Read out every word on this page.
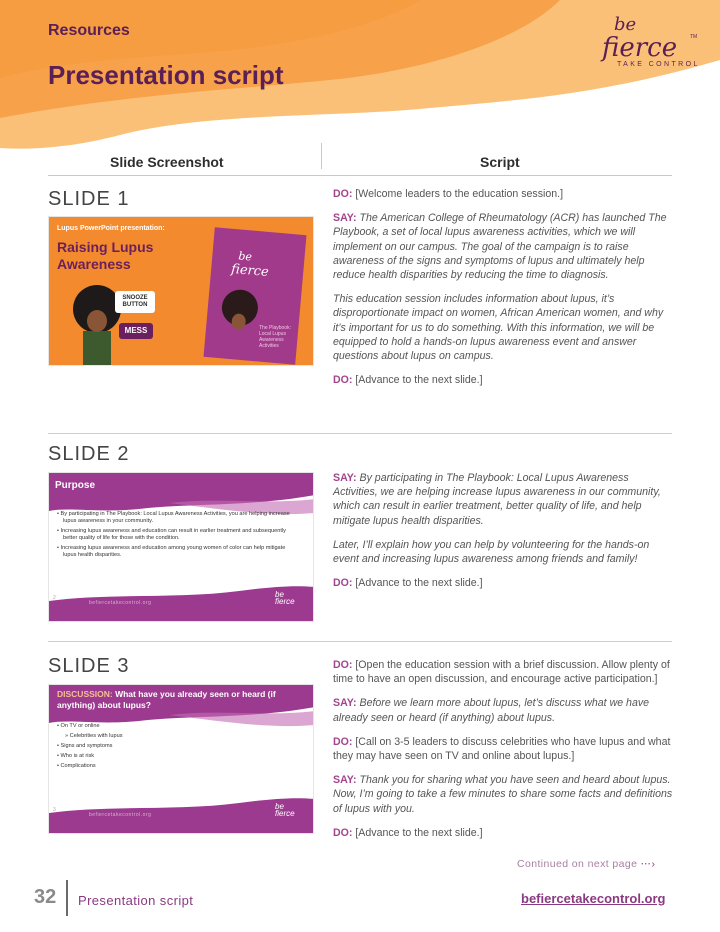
Resources
Presentation script
be
fierce	TM
TAKE CONTROL
Slide Screenshot	Script
SLIDE 1
Lupus PowerPoint presentation:
Raising Lupus Awareness
SNOOZE BUTTON
MESS
be
fierce
The Playbook: Local Lupus Awareness Activities

DO: [Welcome leaders to the education session.]

SAY: The American College of Rheumatology (ACR) has launched The Playbook, a set of local lupus awareness activities, which we will implement on our campus. The goal of the campaign is to raise awareness of the signs and symptoms of lupus and ultimately help reduce health disparities by reducing the time to diagnosis.

This education session includes information about lupus, it’s disproportionate impact on women, African American women, and why it’s important for us to do something. With this information, we will be equipped to hold a hands-on lupus awareness event and answer questions about lupus on campus.

DO: [Advance to the next slide.]

SLIDE 2
Purpose
• By participating in The Playbook: Local Lupus Awareness Activities, you are helping increase lupus awareness in your community.
• Increasing lupus awareness and education can result in earlier treatment and subsequently better quality of life for those with the condition.
• Increasing lupus awareness and education among young women of color can help mitigate lupus health disparities.
2
befiercetakecontrol.org
be
fierce

SAY: By participating in The Playbook: Local Lupus Awareness Activities, we are helping increase lupus awareness in our community, which can result in earlier treatment, better quality of life, and help mitigate lupus health disparities.

Later, I’ll explain how you can help by volunteering for the hands-on event and increasing lupus awareness among friends and family!

DO: [Advance to the next slide.]

SLIDE 3
DISCUSSION: What have you already seen or heard (if anything) about lupus?
• On TV or online
» Celebrities with lupus
• Signs and symptoms
• Who is at risk
• Complications
3
befiercetakecontrol.org
be
fierce

DO: [Open the education session with a brief discussion. Allow plenty of time to have an open discussion, and encourage active participation.]

SAY: Before we learn more about lupus, let’s discuss what we have already seen or heard (if anything) about lupus.

DO: [Call on 3-5 leaders to discuss celebrities who have lupus and what they may have seen on TV and online about lupus.]

SAY: Thank you for sharing what you have seen and heard about lupus. Now, I’m going to take a few minutes to share some facts and definitions of lupus with you.

DO: [Advance to the next slide.]

Continued on next page ⋯›
32 Presentation script	befiercetakecontrol.org
